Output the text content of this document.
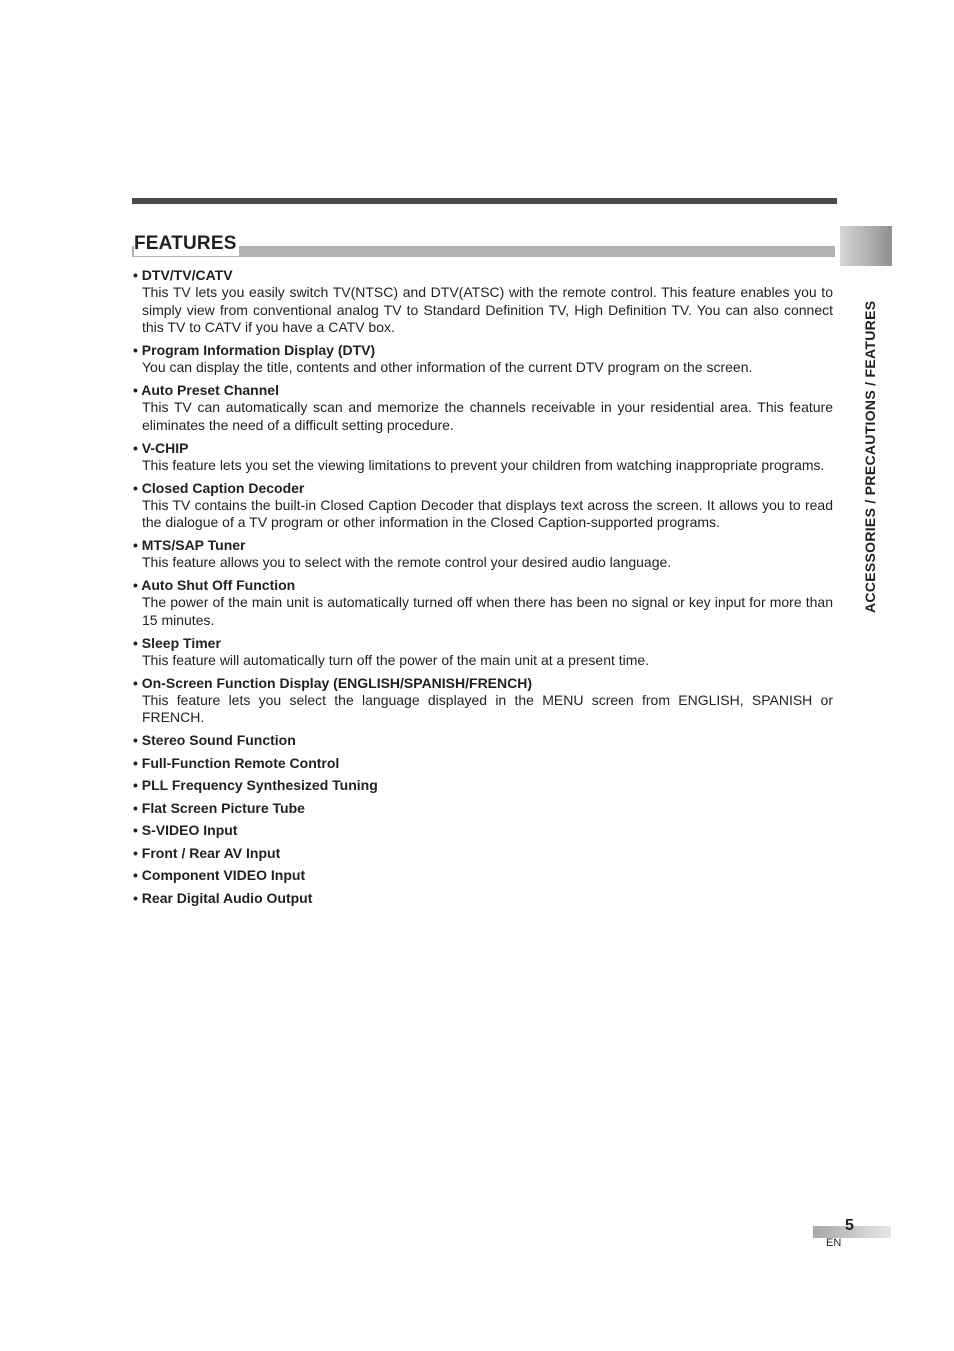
FEATURES
ACCESSORIES / PRECAUTIONS / FEATURES
• DTV/TV/CATV
This TV lets you easily switch TV(NTSC) and DTV(ATSC) with the remote control. This feature enables you to simply view from conventional analog TV to Standard Definition TV, High Definition TV. You can also connect this TV to CATV if you have a CATV box.
• Program Information Display (DTV)
You can display the title, contents and other information of the current DTV program on the screen.
• Auto Preset Channel
This TV can automatically scan and memorize the channels receivable in your residential area. This feature eliminates the need of a difficult setting procedure.
• V-CHIP
This feature lets you set the viewing limitations to prevent your children from watching inappropriate programs.
• Closed Caption Decoder
This TV contains the built-in Closed Caption Decoder that displays text across the screen. It allows you to read the dialogue of a TV program or other information in the Closed Caption-supported programs.
• MTS/SAP Tuner
This feature allows you to select with the remote control your desired audio language.
• Auto Shut Off Function
The power of the main unit is automatically turned off when there has been no signal or key input for more than 15 minutes.
• Sleep Timer
This feature will automatically turn off the power of the main unit at a present time.
• On-Screen Function Display (ENGLISH/SPANISH/FRENCH)
This feature lets you select the language displayed in the MENU screen from ENGLISH, SPANISH or FRENCH.
• Stereo Sound Function
• Full-Function Remote Control
• PLL Frequency Synthesized Tuning
• Flat Screen Picture Tube
• S-VIDEO Input
• Front / Rear AV Input
• Component VIDEO Input
• Rear Digital Audio Output
5
EN
